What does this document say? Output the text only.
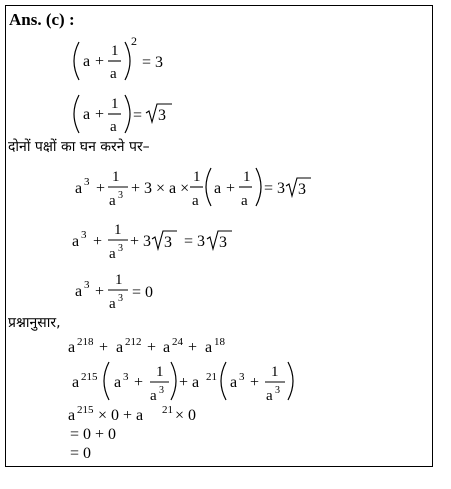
Ans. (c) :
a +
1
a
2
= 3
a +
1
a
= 3
दोनों पक्षों का घन करने पर–
a 3 +
1
a 3 + 3 × a ×
1
a
a +
1
a
= 3 3
a 3 +
1
a 3 + 3 3 = 3 3
a 3 +
1
a 3 = 0
प्रश्नानुसार,
a 218 + a 212 + a 24 + a 18
a 215 a 3 +
1
a 3 + a 21 a 3 +
1
a 3
a 215 × 0 + a 21 × 0
= 0 + 0
= 0
